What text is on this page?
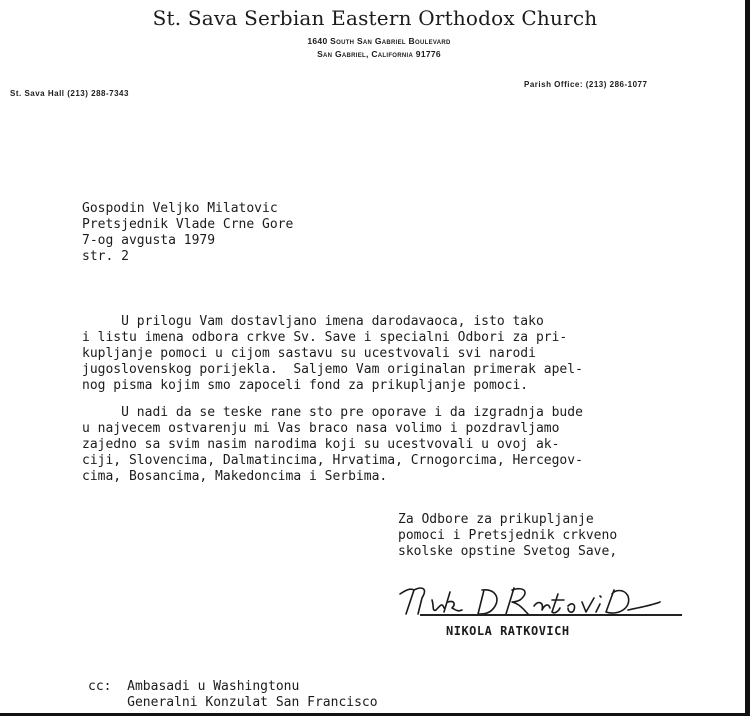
St. Sava Serbian Eastern Orthodox Church
1640 South San Gabriel Boulevard
San Gabriel, California 91776
St. Sava Hall (213) 288-7343
Parish Office: (213) 286-1077
Gospodin Veljko Milatovic
Pretsjednik Vlade Crne Gore
7-og avgusta 1979
str. 2
U prilogu Vam dostavljano imena darodavaoca, isto tako
i listu imena odbora crkve Sv. Save i specialni Odbori za pri-
kupljanje pomoci u cijom sastavu su ucestvovali svi narodi
jugoslovenskog porijekla.  Saljemo Vam originalan primerak apel-
nog pisma kojim smo zapoceli fond za prikupljanje pomoci.
U nadi da se teske rane sto pre oporave i da izgradnja bude
u najvecem ostvarenju mi Vas braco nasa volimo i pozdravljamo
zajedno sa svim nasim narodima koji su ucestvovali u ovoj ak-
ciji, Slovencima, Dalmatincima, Hrvatima, Crnogorcima, Hercegov-
cima, Bosancima, Makedoncima i Serbima.
Za Odbore za prikupljanje
pomoci i Pretsjednik crkveno
skolske opstine Svetog Save,
NIKOLA RATKOVICH
cc:  Ambasadi u Washingtonu
Generalni Konzulat San Francisco
